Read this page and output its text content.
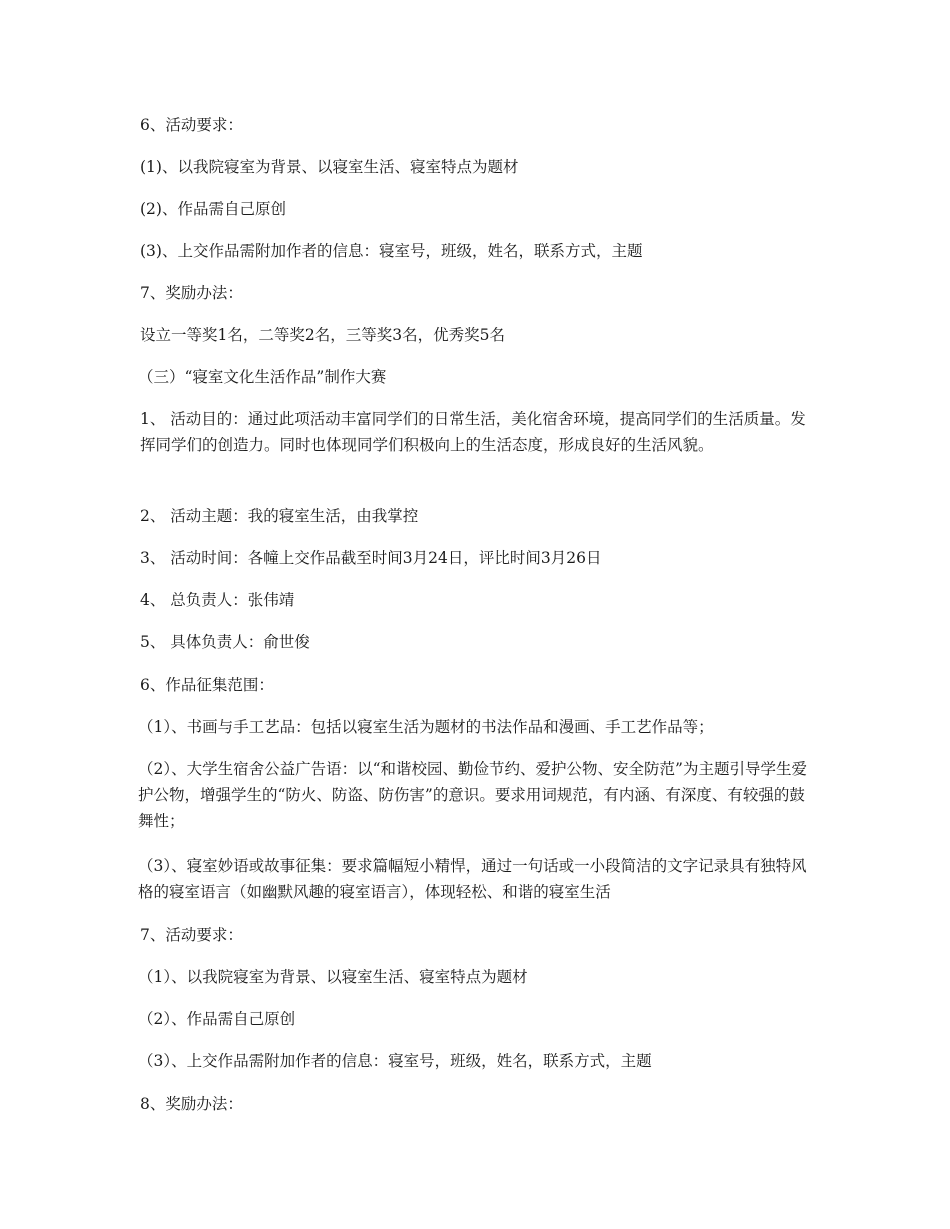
6、活动要求：

(1)、以我院寝室为背景、以寝室生活、寝室特点为题材

(2)、作品需自己原创

(3)、上交作品需附加作者的信息：寝室号，班级，姓名，联系方式，主题

7、奖励办法：

设立一等奖1名，二等奖2名，三等奖3名，优秀奖5名

（三）“寝室文化生活作品”制作大赛

1、 活动目的：通过此项活动丰富同学们的日常生活，美化宿舍环境，提高同学们的生活质量。发挥同学们的创造力。同时也体现同学们积极向上的生活态度，形成良好的生活风貌。

2、 活动主题：我的寝室生活，由我掌控

3、 活动时间：各幢上交作品截至时间3月24日，评比时间3月26日

4、 总负责人：张伟靖

5、 具体负责人：俞世俊

6、作品征集范围：

（1）、书画与手工艺品：包括以寝室生活为题材的书法作品和漫画、手工艺作品等；

（2）、大学生宿舍公益广告语：以“和谐校园、勤俭节约、爱护公物、安全防范”为主题引导学生爱护公物，增强学生的“防火、防盗、防伤害”的意识。要求用词规范，有内涵、有深度、有较强的鼓舞性；

（3）、寝室妙语或故事征集：要求篇幅短小精悍，通过一句话或一小段简洁的文字记录具有独特风格的寝室语言（如幽默风趣的寝室语言），体现轻松、和谐的寝室生活

7、活动要求：

（1）、以我院寝室为背景、以寝室生活、寝室特点为题材

（2）、作品需自己原创

（3）、上交作品需附加作者的信息：寝室号，班级，姓名，联系方式，主题

8、奖励办法：
